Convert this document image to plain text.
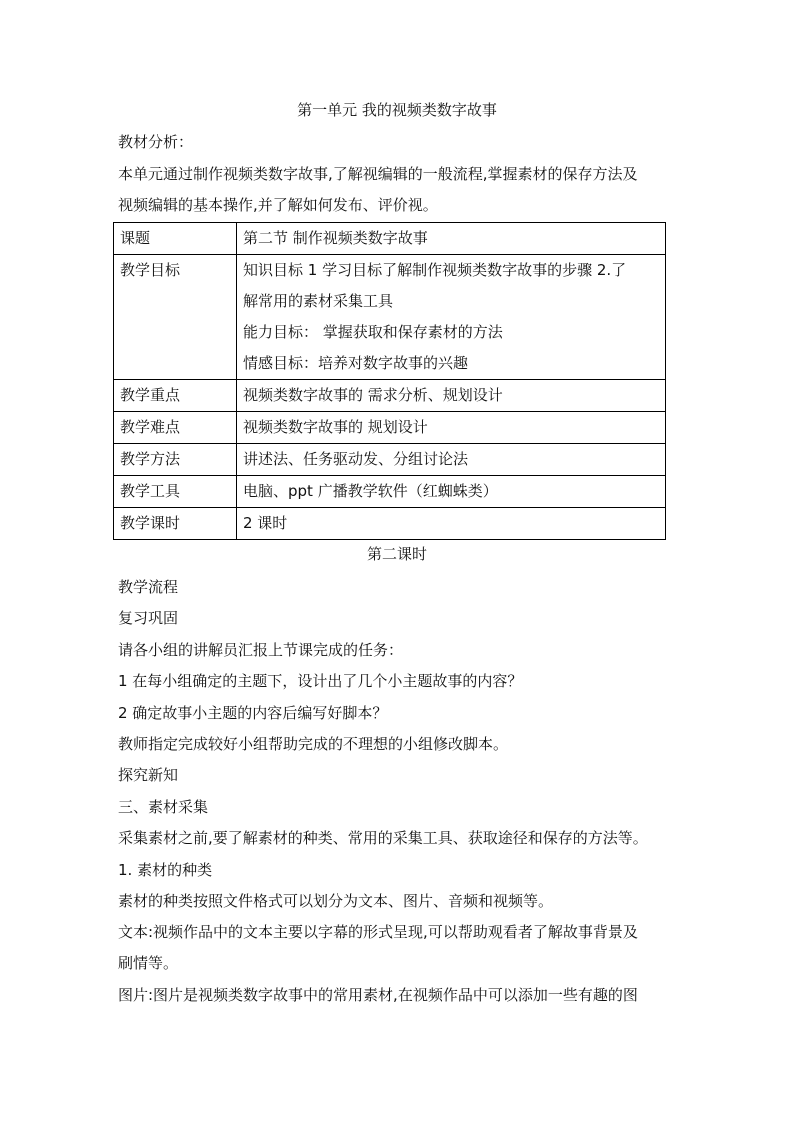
第一单元 我的视频类数字故事
教材分析：
本单元通过制作视频类数字故事,了解视编辑的一般流程,掌握素材的保存方法及
视频编辑的基本操作,并了解如何发布、评价视。
课题	第二节 制作视频类数字故事
教学目标	知识目标 1 学习目标了解制作视频类数字故事的步骤 2.了
解常用的素材采集工具
能力目标： 掌握获取和保存素材的方法
情感目标：培养对数字故事的兴趣

教学重点	视频类数字故事的 需求分析、规划设计
教学难点	视频类数字故事的 规划设计
教学方法	讲述法、任务驱动发、分组讨论法
教学工具	电脑、ppt 广播教学软件（红蜘蛛类）
教学课时	2 课时
第二课时
教学流程
复习巩固
请各小组的讲解员汇报上节课完成的任务：
1 在每小组确定的主题下，设计出了几个小主题故事的内容？
2 确定故事小主题的内容后编写好脚本？
教师指定完成较好小组帮助完成的不理想的小组修改脚本。
探究新知
三、素材采集
采集素材之前,要了解素材的种类、常用的采集工具、获取途径和保存的方法等。
1. 素材的种类
素材的种类按照文件格式可以划分为文本、图片、音频和视频等。
文本:视频作品中的文本主要以字幕的形式呈现,可以帮助观看者了解故事背景及
刷情等。
图片:图片是视频类数字故事中的常用素材,在视频作品中可以添加一些有趣的图
